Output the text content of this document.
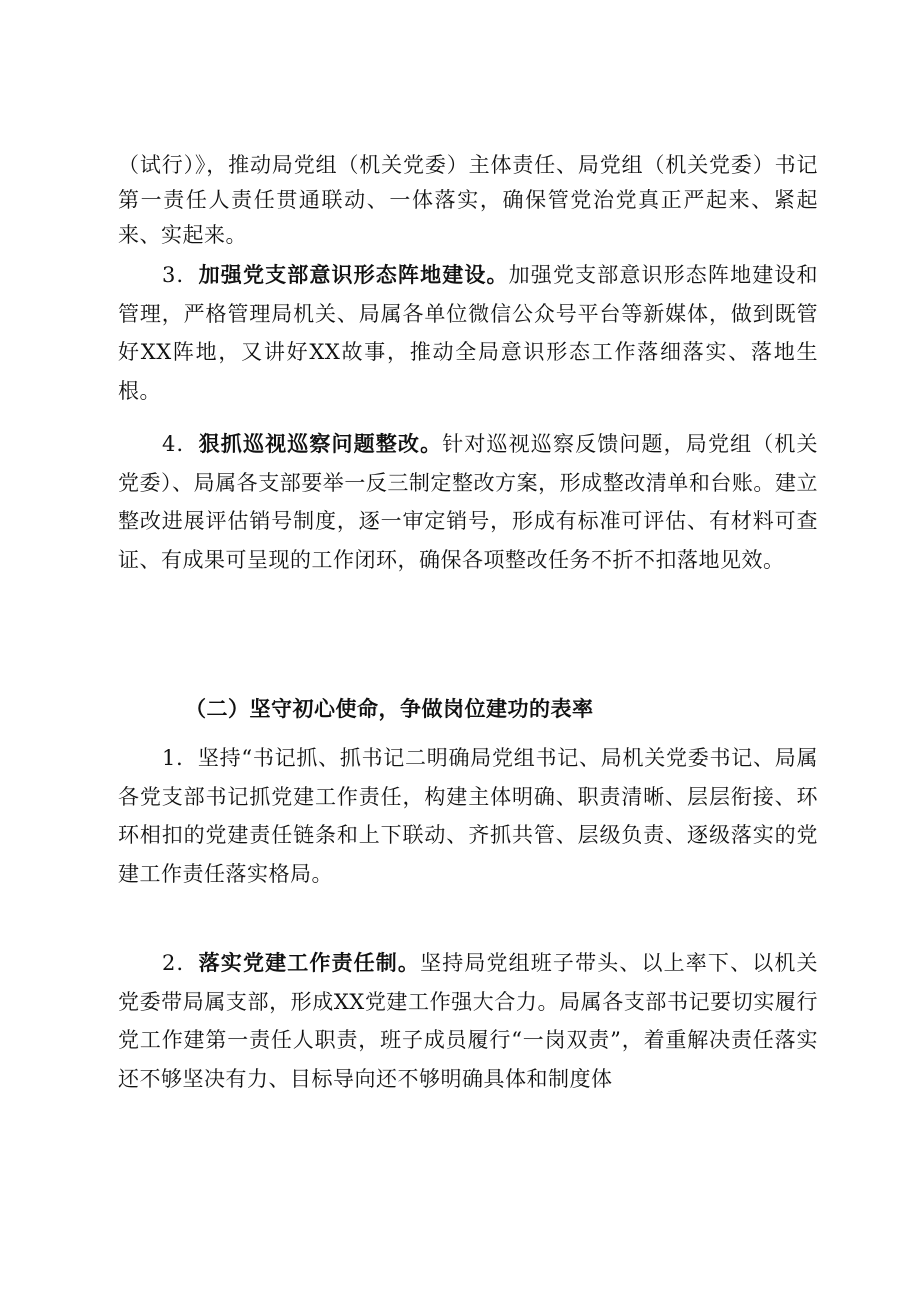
（试行）》，推动局党组（机关党委）主体责任、局党组（机关党委）书记第一责任人责任贯通联动、一体落实，确保管党治党真正严起来、紧起来、实起来。

3．加强党支部意识形态阵地建设。加强党支部意识形态阵地建设和管理，严格管理局机关、局属各单位微信公众号平台等新媒体，做到既管好XX阵地，又讲好XX故事，推动全局意识形态工作落细落实、落地生根。

4．狠抓巡视巡察问题整改。针对巡视巡察反馈问题，局党组（机关党委）、局属各支部要举一反三制定整改方案，形成整改清单和台账。建立整改进展评估销号制度，逐一审定销号，形成有标准可评估、有材料可查证、有成果可呈现的工作闭环，确保各项整改任务不折不扣落地见效。

（二）坚守初心使命，争做岗位建功的表率

1．坚持“书记抓、抓书记二明确局党组书记、局机关党委书记、局属各党支部书记抓党建工作责任，构建主体明确、职责清晰、层层衔接、环环相扣的党建责任链条和上下联动、齐抓共管、层级负责、逐级落实的党建工作责任落实格局。

2．落实党建工作责任制。坚持局党组班子带头、以上率下、以机关党委带局属支部，形成XX党建工作强大合力。局属各支部书记要切实履行党工作建第一责任人职责，班子成员履行“一岗双责”，着重解决责任落实还不够坚决有力、目标导向还不够明确具体和制度体
